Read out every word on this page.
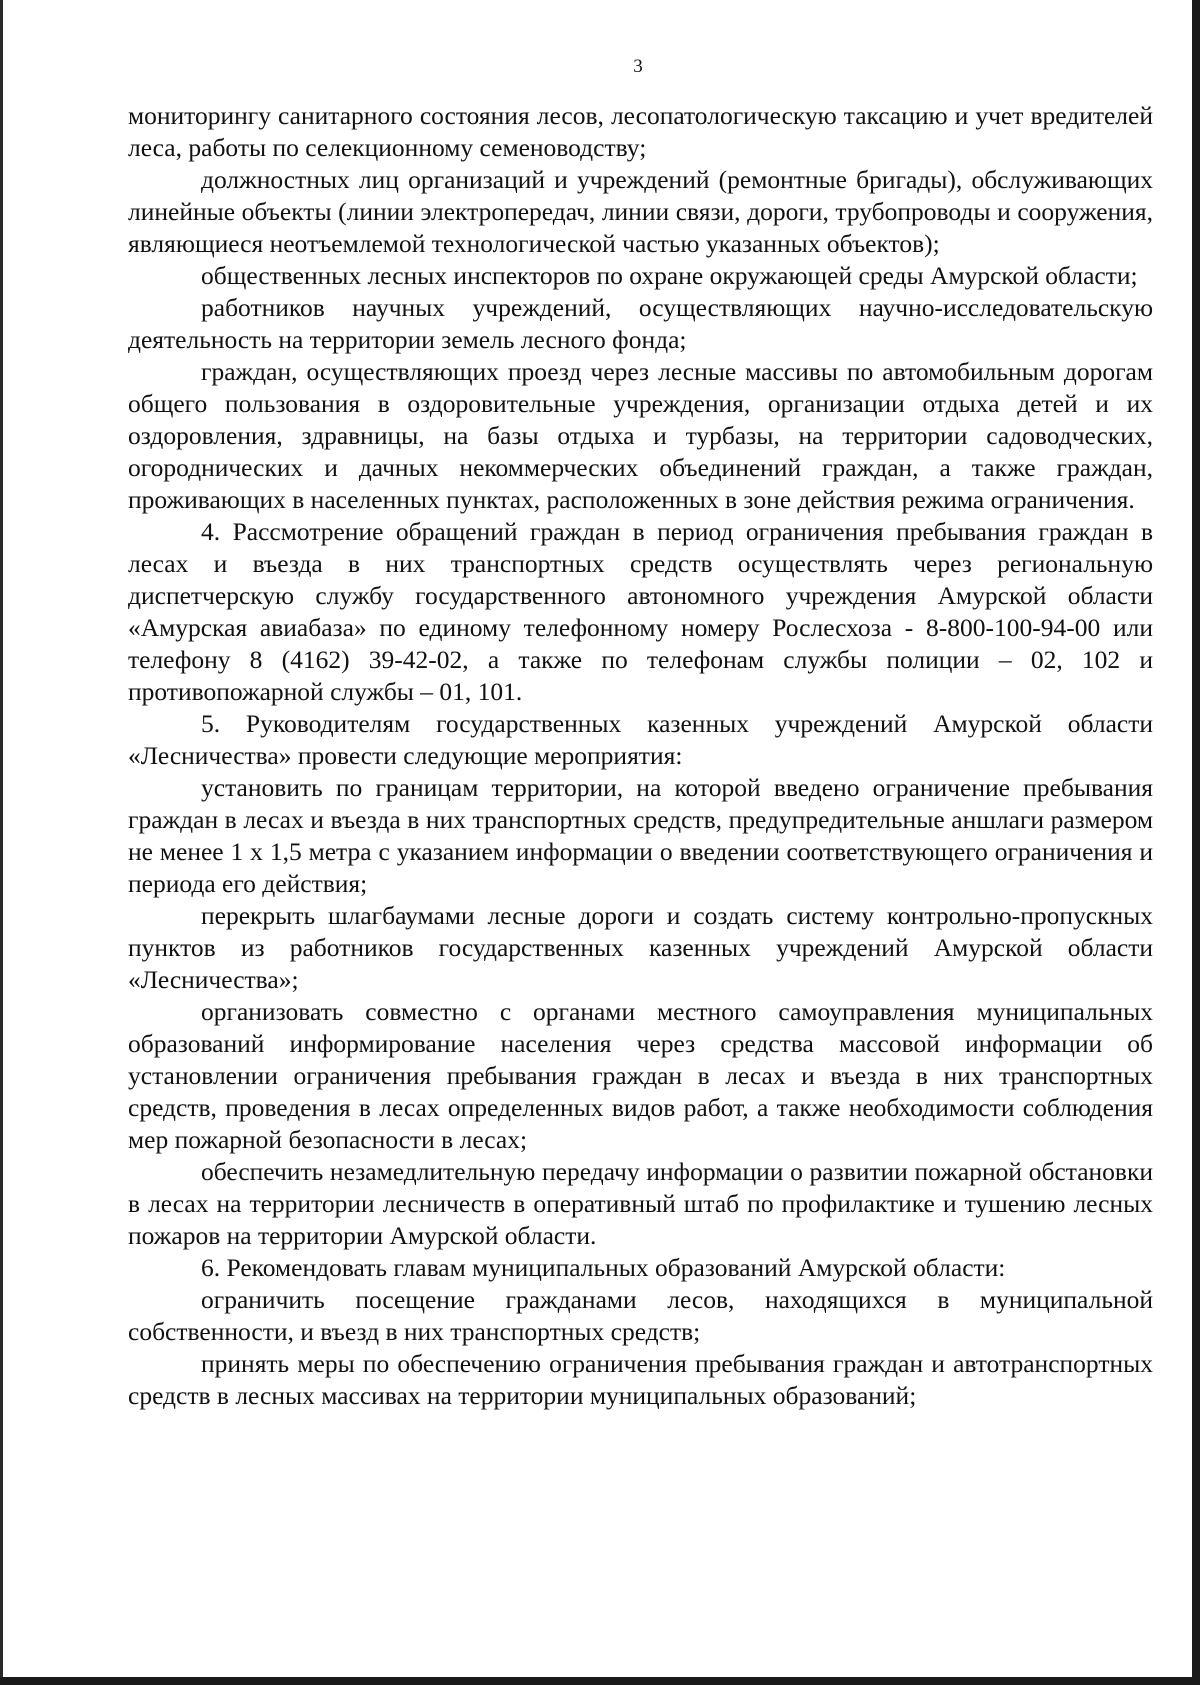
3

мониторингу санитарного состояния лесов, лесопатологическую таксацию и учет вредителей леса, работы по селекционному семеноводству;

должностных лиц организаций и учреждений (ремонтные бригады), обслуживающих линейные объекты (линии электропередач, линии связи, дороги, трубопроводы и сооружения, являющиеся неотъемлемой технологической частью указанных объектов);

общественных лесных инспекторов по охране окружающей среды Амурской области;

работников научных учреждений, осуществляющих научно-исследовательскую деятельность на территории земель лесного фонда;

граждан, осуществляющих проезд через лесные массивы по автомобильным дорогам общего пользования в оздоровительные учреждения, организации отдыха детей и их оздоровления, здравницы, на базы отдыха и турбазы, на территории садоводческих, огороднических и дачных некоммерческих объединений граждан, а также граждан, проживающих в населенных пунктах, расположенных в зоне действия режима ограничения.

4. Рассмотрение обращений граждан в период ограничения пребывания граждан в лесах и въезда в них транспортных средств осуществлять через региональную диспетчерскую службу государственного автономного учреждения Амурской области «Амурская авиабаза» по единому телефонному номеру Рослесхоза - 8-800-100-94-00 или телефону 8 (4162) 39-42-02, а также по телефонам службы полиции – 02, 102 и противопожарной службы – 01, 101.

5. Руководителям государственных казенных учреждений Амурской области «Лесничества» провести следующие мероприятия:

установить по границам территории, на которой введено ограничение пребывания граждан в лесах и въезда в них транспортных средств, предупредительные аншлаги размером не менее 1 х 1,5 метра с указанием информации о введении соответствующего ограничения и периода его действия;

перекрыть шлагбаумами лесные дороги и создать систему контрольно-пропускных пунктов из работников государственных казенных учреждений Амурской области «Лесничества»;

организовать совместно с органами местного самоуправления муниципальных образований информирование населения через средства массовой информации об установлении ограничения пребывания граждан в лесах и въезда в них транспортных средств, проведения в лесах определенных видов работ, а также необходимости соблюдения мер пожарной безопасности в лесах;

обеспечить незамедлительную передачу информации о развитии пожарной обстановки в лесах на территории лесничеств в оперативный штаб по профилактике и тушению лесных пожаров на территории Амурской области.

6. Рекомендовать главам муниципальных образований Амурской области:

ограничить посещение гражданами лесов, находящихся в муниципальной собственности, и въезд в них транспортных средств;

принять меры по обеспечению ограничения пребывания граждан и автотранспортных средств в лесных массивах на территории муниципальных образований;
